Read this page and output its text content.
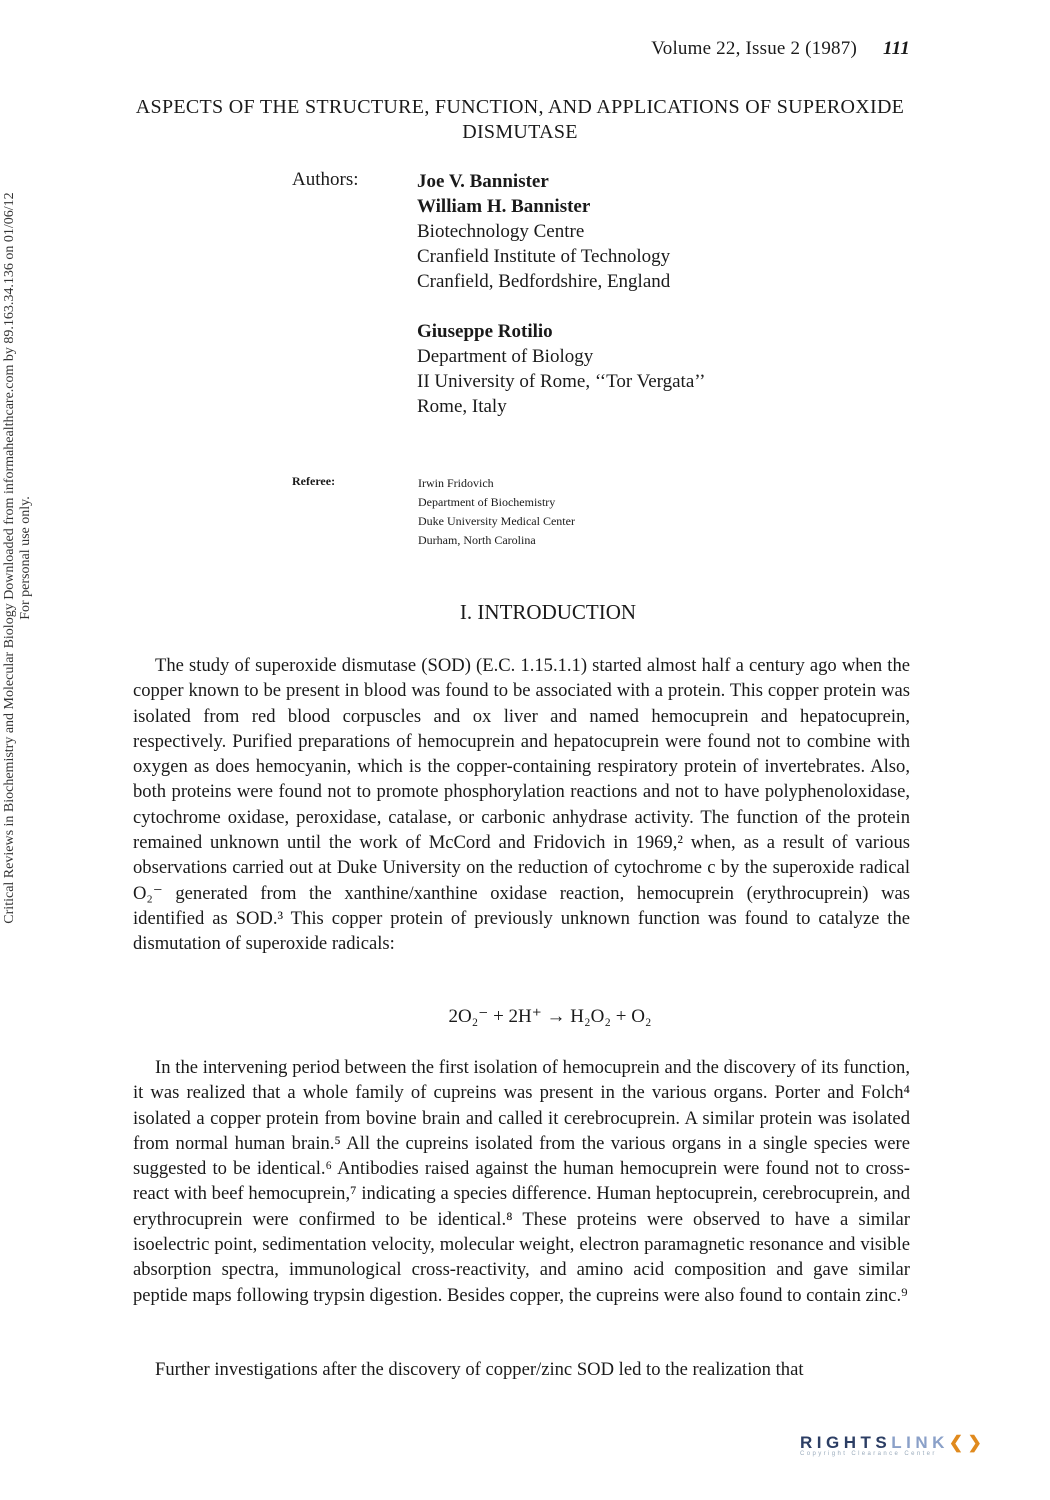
Volume 22, Issue 2 (1987) 111
ASPECTS OF THE STRUCTURE, FUNCTION, AND APPLICATIONS OF SUPEROXIDE DISMUTASE
Authors:	Joe V. Bannister
William H. Bannister
Biotechnology Centre
Cranfield Institute of Technology
Cranfield, Bedfordshire, England
Giuseppe Rotilio
Department of Biology
II University of Rome, ‘‘Tor Vergata’’
Rome, Italy
Referee:	Irwin Fridovich
Department of Biochemistry
Duke University Medical Center
Durham, North Carolina
I. INTRODUCTION
The study of superoxide dismutase (SOD) (E.C. 1.15.1.1) started almost half a century ago when the copper known to be present in blood was found to be associated with a protein. This copper protein was isolated from red blood corpuscles and ox liver and named hemocuprein and hepatocuprein, respectively. Purified preparations of hemocuprein and hepatocuprein were found not to combine with oxygen as does hemocyanin, which is the copper-containing respiratory protein of invertebrates. Also, both proteins were found not to promote phosphorylation reactions and not to have polyphenoloxidase, cytochrome oxidase, peroxidase, catalase, or carbonic anhydrase activity. The function of the protein remained unknown until the work of McCord and Fridovich in 1969,² when, as a result of various observations carried out at Duke University on the reduction of cytochrome c by the superoxide radical O₂⁻ generated from the xanthine/xanthine oxidase reaction, hemocuprein (erythrocuprein) was identified as SOD.³ This copper protein of previously unknown function was found to catalyze the dismutation of superoxide radicals:
2O₂⁻ + 2H⁺ → H₂O₂ + O₂
In the intervening period between the first isolation of hemocuprein and the discovery of its function, it was realized that a whole family of cupreins was present in the various organs. Porter and Folch⁴ isolated a copper protein from bovine brain and called it cerebrocuprein. A similar protein was isolated from normal human brain.⁵ All the cupreins isolated from the various organs in a single species were suggested to be identical.⁶ Antibodies raised against the human hemocuprein were found not to cross-react with beef hemocuprein,⁷ indicating a species difference. Human heptocuprein, cerebrocuprein, and erythrocuprein were confirmed to be identical.⁸ These proteins were observed to have a similar isoelectric point, sedimentation velocity, molecular weight, electron paramagnetic resonance and visible absorption spectra, immunological cross-reactivity, and amino acid composition and gave similar peptide maps following trypsin digestion. Besides copper, the cupreins were also found to contain zinc.⁹
Further investigations after the discovery of copper/zinc SOD led to the realization that
Critical Reviews in Biochemistry and Molecular Biology Downloaded from informahealthcare.com by 89.163.34.136 on 01/06/12 For personal use only.
RIGHTSLINK❮❯
Copyright Clearance Center
